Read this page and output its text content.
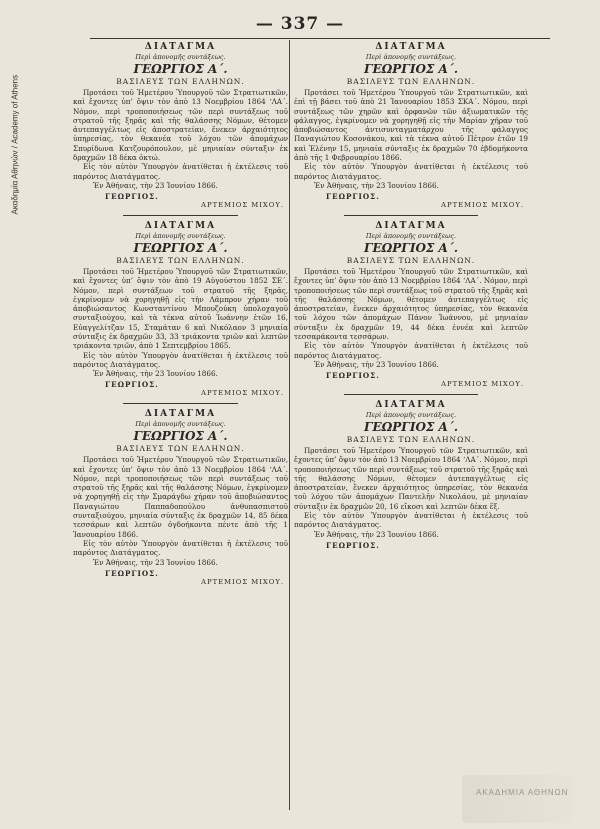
Ακαδημία Αθηνών / Academy of Athens
— 337 —

ΔΙΑΤΑΓΜΑ

Περὶ ἀπονομῆς συντάξεως.

ΓΕΩΡΓΙΟΣ Α΄.

ΒΑΣΙΛΕΥΣ ΤΩΝ ΕΛΛΗΝΩΝ.

Προτάσει τοῦ Ἡμετέρου Ὑπουργοῦ τῶν Στρατιωτικῶν, καὶ ἔχοντες ὑπ’ ὄψιν τὸν ἀπὸ 13 Νοεμβρίου 1864 ‘ΛΑ΄. Νόμον, περὶ τροποποιήσεως τῶν περὶ συντάξεως τοῦ στρατοῦ τῆς ξηρᾶς καὶ τῆς θαλάσσης Νόμων, θέτομεν ἀυτεπαγγέλτως εἰς ἀποστρατείαν, ἕνεκεν ἀρχαιότητος ὑπηρεσίας, τὸν θεκανέα τοῦ λόχου τῶν ἀπομάχων Σπυρίδωνα Κατζουρόπουλον, μὲ μηνιαίαν σύνταξιν ἐκ δραχμῶν 18 δέκα ὀκτώ.

Εἰς τὸν αὐτὸν Ὑπουργὸν ἀνατίθεται ἡ ἐκτέλεσις τοῦ παρόντος Διατάγματος.

Ἐν Ἀθήναις, τὴν 23 Ἰουνίου 1866.

ΓΕΩΡΓΙΟΣ.

ΑΡΤΕΜΙΟΣ ΜΙΧΟΥ.

ΔΙΑΤΑΓΜΑ

Περὶ ἀπονομῆς συντάξεως.

ΓΕΩΡΓΙΟΣ Α΄.

ΒΑΣΙΛΕΥΣ ΤΩΝ ΕΛΛΗΝΩΝ.

Προτάσει τοῦ Ἡμετέρου Ὑπουργοῦ τῶν Στρατιωτικῶν, καὶ ἔχοντες ὑπ’ ὄψιν τὸν ἀπὸ 19 Αὐγούστου 1852 ΣΕ΄. Νόμον, περὶ συντάξεων τοῦ στρατοῦ τῆς ξηρᾶς, ἐγκρίνομεν νὰ χορηγηθῇ εἰς τὴν Λάμπρον χήραν τοῦ ἀποβιώσαντος Κωνσταντίνου Μπουζούκη ὑπολοχαγοῦ συνταξιούχου, καὶ τὰ τέκνα αὐτοῦ Ἰωάννην ἐτῶν 16, Εὐαγγελίτζαν 15, Σταμάταν 6 καὶ Νικόλαον 3 μηνιαία σύνταξις ἐκ δραχμῶν 33, 33 τριάκοντα τριῶν καὶ λεπτῶν τριάκοντα τριῶν, ἀπὸ 1 Σεπτεμβρίου 1865.

Εἰς τὸν αὐτὸν Ὑπουργὸν ἀνατίθεται ἡ ἐκτέλεσις τοῦ παρόντος Διατάγματος.

Ἐν Ἀθήναις, τὴν 23 Ἰουνίου 1866.

ΓΕΩΡΓΙΟΣ.

ΑΡΤΕΜΙΟΣ ΜΙΧΟΥ.

ΔΙΑΤΑΓΜΑ

Περὶ ἀπονομῆς συντάξεως.

ΓΕΩΡΓΙΟΣ Α΄.

ΒΑΣΙΛΕΥΣ ΤΩΝ ΕΛΛΗΝΩΝ.

Προτάσει τοῦ Ἡμετέρου Ὑπουργοῦ τῶν Στρατιωτικῶν, καὶ ἔχοντες ὑπ’ ὄψιν τὸν ἀπὸ 13 Νοεμβρίου 1864 ‘ΛΑ΄. Νόμον, περὶ τροποποιήσεως τῶν περὶ συντάξεως τοῦ στρατοῦ τῆς ξηρᾶς καὶ τῆς θαλάσσης Νόμων, ἐγκρίνομεν νὰ χορηγηθῇ εἰς τὴν Σμαράγδω χήραν τοῦ ἀποβιώσαντος Παναγιώτου Παππαδοπούλου ἀνθυπασπιστοῦ συνταξιούχου, μηνιαία σύνταξις ἐκ δραχμῶν 14, 85 δέκα τεσσάρων καὶ λεπτῶν ὀγδοήκοντα πέντε ἀπὸ τῆς 1 Ἰανουαρίου 1866.

Εἰς τὸν αὐτὸν Ὑπουργὸν ἀνατίθεται ἡ ἐκτέλεσις τοῦ παρόντος Διατάγματος.

Ἐν Ἀθήναις, τὴν 23 Ἰουνίου 1866.

ΓΕΩΡΓΙΟΣ.

ΑΡΤΕΜΙΟΣ ΜΙΧΟΥ.

ΔΙΑΤΑΓΜΑ

Περὶ ἀπονομῆς συντάξεως.

ΓΕΩΡΓΙΟΣ Α΄.

ΒΑΣΙΛΕΥΣ ΤΩΝ ΕΛΛΗΝΩΝ.

Προτάσει τοῦ Ἡμετέρου Ὑπουργοῦ τῶν Στρατιωτικῶν, καὶ ἐπὶ τῇ βάσει τοῦ ἀπὸ 21 Ἰανουαρίου 1853 ΣΚΑ΄. Νόμου, περὶ συντάξεως τῶν χηρῶν καὶ ὀρφανῶν τῶν ἀξιωματικῶν τῆς φάλαγγος, ἐγκρίνομεν νὰ χορηγηθῇ εἰς τὴν Μαρίαν χήραν τοῦ ἀποβιώσαντος ἀντισυνταγματάρχου τῆς φάλαγγος Παναγιώτου Κοσονάκου, καὶ τὰ τέκνα αὐτοῦ Πέτρον ἐτῶν 19 καὶ Ἑλένην 15, μηνιαία σύνταξις ἐκ δραχμῶν 70 ἑβδομήκοντα ἀπὸ τῆς 1 Φεβρουαρίου 1866.

Εἰς τὸν αὐτὸν Ὑπουργὸν ἀνατίθεται ἡ ἐκτέλεσις τοῦ παρόντος Διατάγματος.

Ἐν Ἀθήναις, τὴν 23 Ἰουνίου 1866.

ΓΕΩΡΓΙΟΣ.

ΑΡΤΕΜΙΟΣ ΜΙΧΟΥ.

ΔΙΑΤΑΓΜΑ

Περὶ ἀπονομῆς συντάξεως.

ΓΕΩΡΓΙΟΣ Α΄.

ΒΑΣΙΛΕΥΣ ΤΩΝ ΕΛΛΗΝΩΝ.

Προτάσει τοῦ Ἡμετέρου Ὑπουργοῦ τῶν Στρατιωτικῶν, καὶ ἔχοντες ὑπ’ ὄψιν τὸν ἀπὸ 13 Νοεμβρίου 1864 ‘ΛΑ΄. Νόμον, περὶ τροποποιήσεως τῶν περὶ συντάξεως τοῦ στρατοῦ τῆς ξηρᾶς καὶ τῆς θαλάσσης Νόμων, θέτομεν ἀυτεπαγγέλτως εἰς ἀποστρατείαν, ἕνεκεν ἀρχαιότητος ὑπηρεσίας, τὸν θεκανέα τοῦ λόχου τῶν ἀπομάχων Πάνον Ἰωάννου, μὲ μηνιαίαν σύνταξιν ἐκ δραχμῶν 19, 44 δέκα ἐννέα καὶ λεπτῶν τεσσαράκοντα τεσσάρων.

Εἰς τὸν αὐτὸν Ὑπουργὸν ἀνατίθεται ἡ ἐκτέλεσις τοῦ παρόντος Διατάγματος.

Ἐν Ἀθήναις, τὴν 23 Ἰουνίου 1866.

ΓΕΩΡΓΙΟΣ.

ΑΡΤΕΜΙΟΣ ΜΙΧΟΥ.

ΔΙΑΤΑΓΜΑ

Περὶ ἀπονομῆς συντάξεως.

ΓΕΩΡΓΙΟΣ Α΄.

ΒΑΣΙΛΕΥΣ ΤΩΝ ΕΛΛΗΝΩΝ.

Προτάσει τοῦ Ἡμετέρου Ὑπουργοῦ τῶν Στρατιωτικῶν, καὶ ἔχοντες ὑπ’ ὄψιν τὸν ἀπὸ 13 Νοεμβρίου 1864 ‘ΛΑ΄. Νόμον, περὶ τροποποιήσεως τῶν περὶ συντάξεως τοῦ στρατοῦ τῆς ξηρᾶς καὶ τῆς θαλάσσης Νόμων, θέτομεν ἀυτεπαγγέλτως εἰς ἀποστρατείαν, ἕνεκεν ἀρχαιότητος ὑπηρεσίας, τὸν θεκανέα τοῦ λόχου τῶν ἀπομάχων Παντελῆν Νικολάου, μὲ μηνιαίαν σύνταξιν ἐκ δραχμῶν 20, 16 εἴκοσι καὶ λεπτῶν δέκα ἕξ.

Εἰς τὸν αὐτὸν Ὑπουργὸν ἀνατίθεται ἡ ἐκτέλεσις τοῦ παρόντος Διατάγματος.

Ἐν Ἀθήναις, τὴν 23 Ἰουνίου 1866.

ΓΕΩΡΓΙΟΣ.

ΑΚΑΔΗΜΙΑ ΑΘΗΝΩΝ
